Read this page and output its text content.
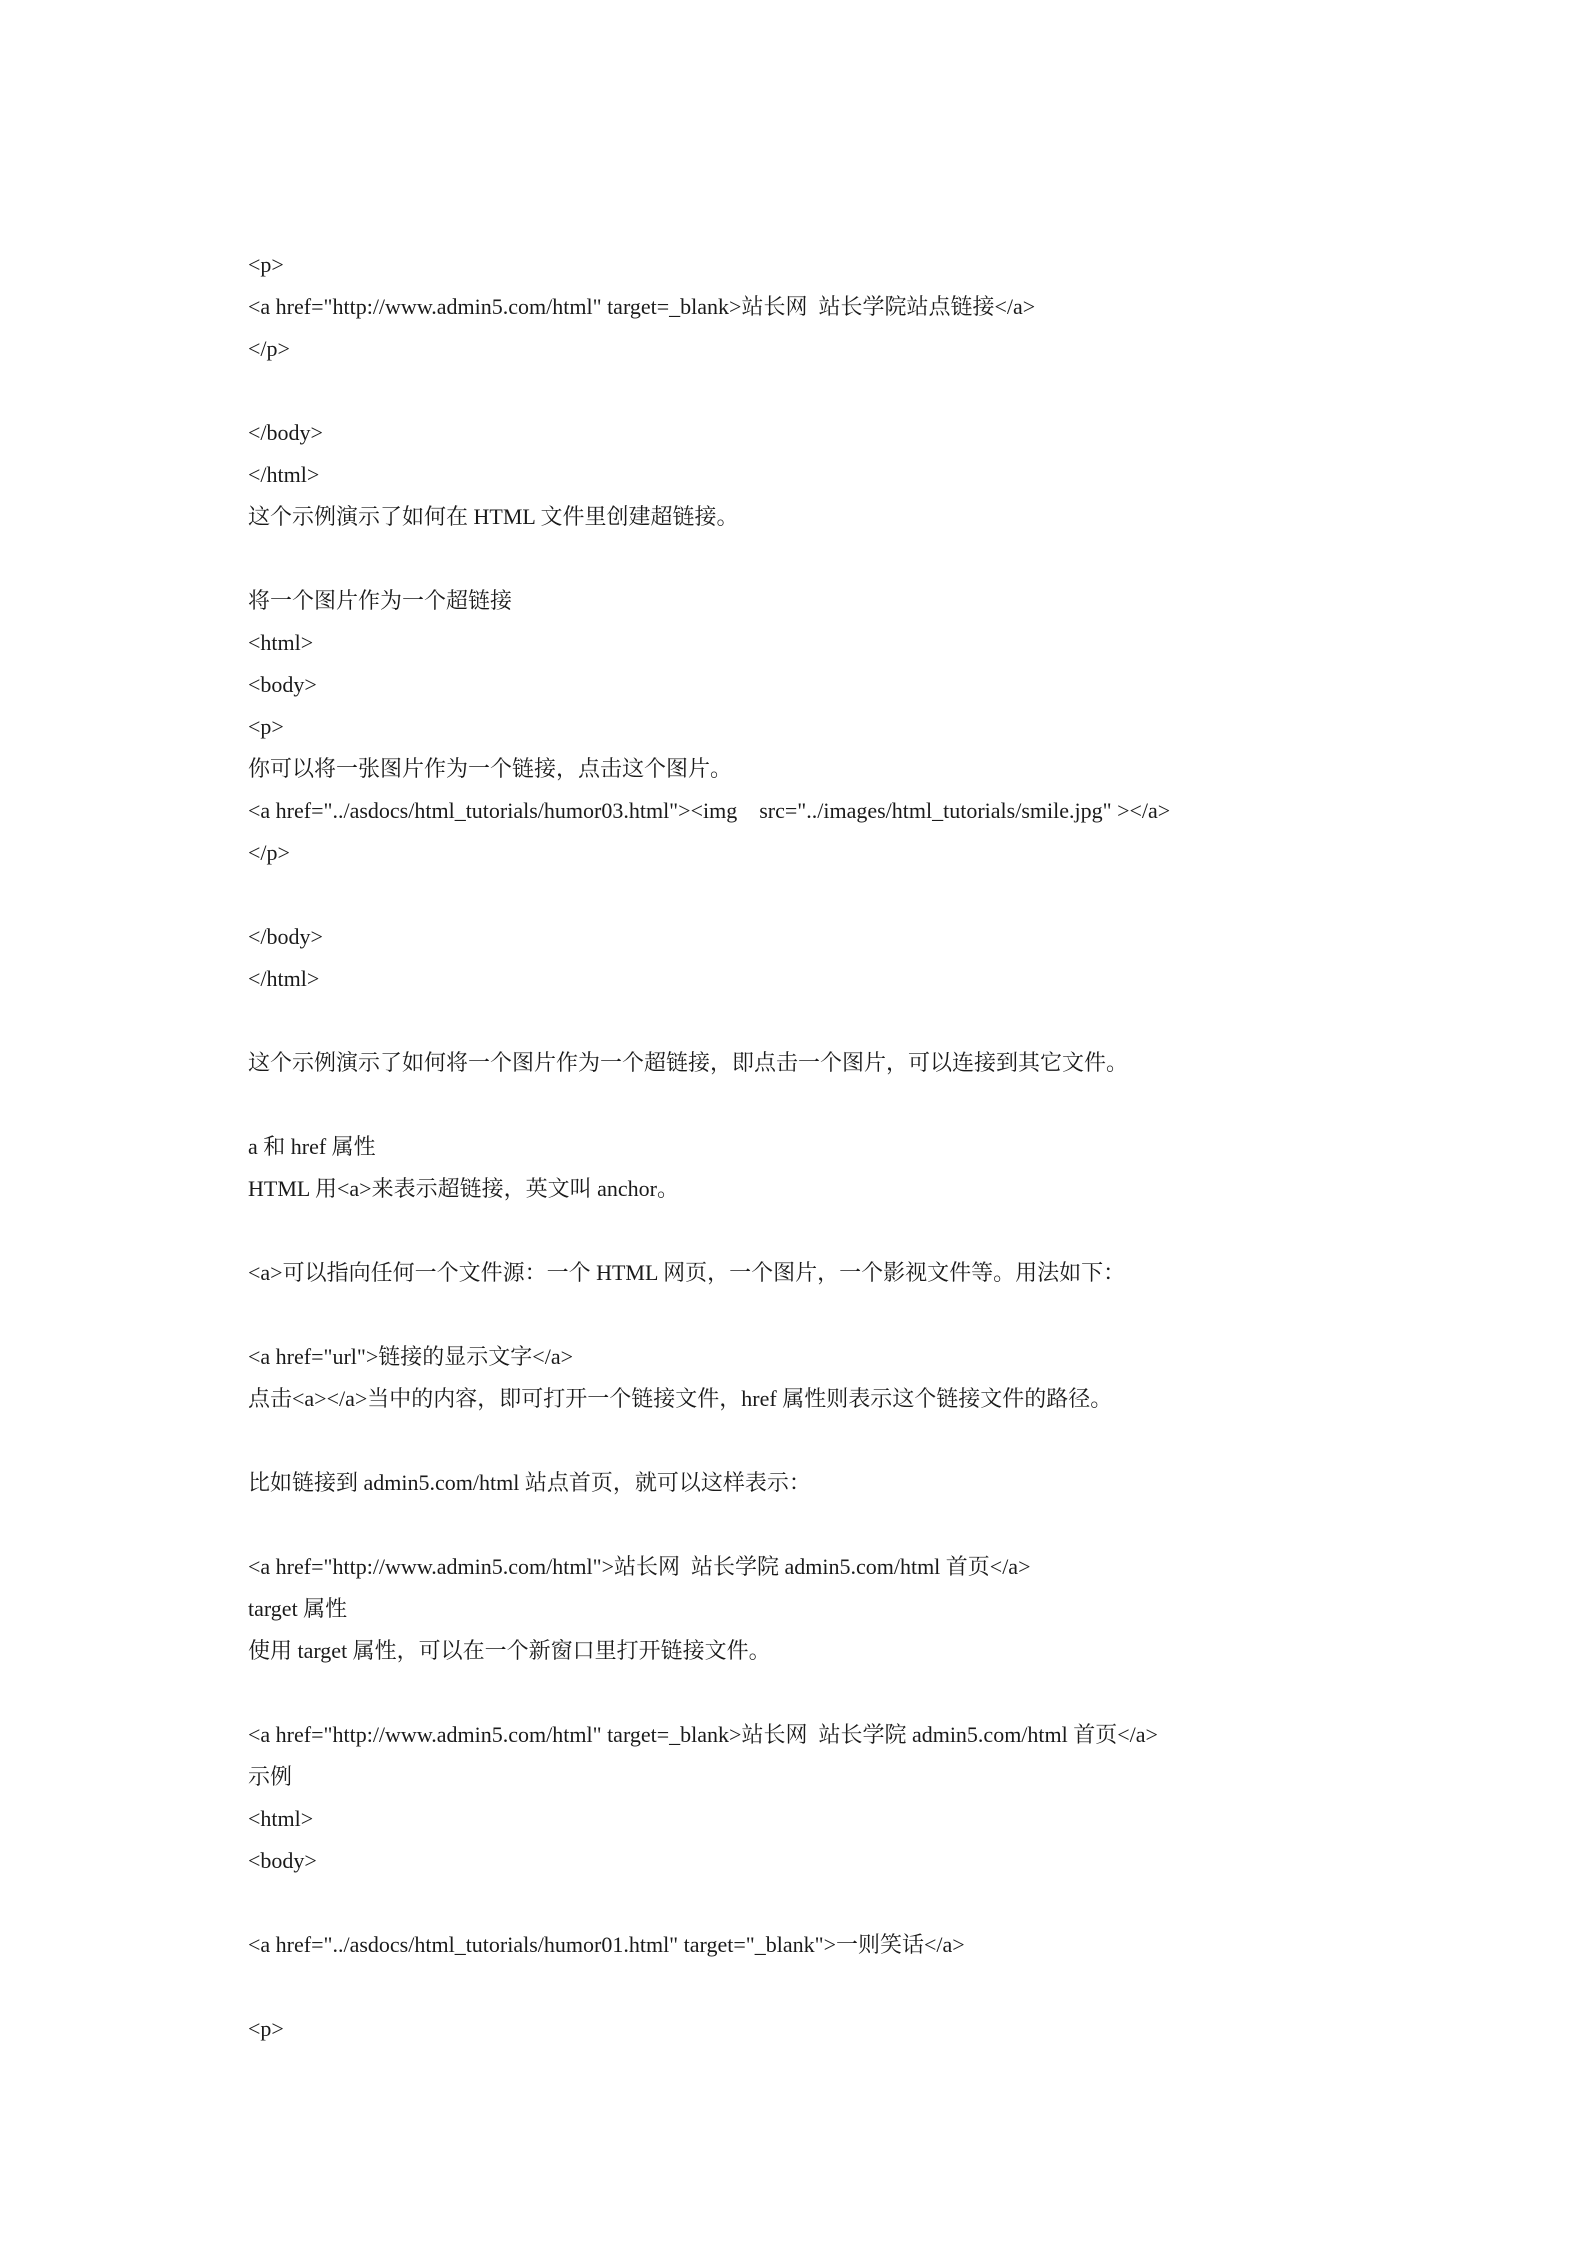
<p>
<a href="http://www.admin5.com/html" target=_blank>站长网  站长学院站点链接</a>
</p>
</body>
</html>
这个示例演示了如何在 HTML 文件里创建超链接。
将一个图片作为一个超链接
<html>
<body>
<p>
你可以将一张图片作为一个链接，点击这个图片。
<a href="../asdocs/html_tutorials/humor03.html"><img    src="../images/html_tutorials/smile.jpg" ></a>
</p>
</body>
</html>
这个示例演示了如何将一个图片作为一个超链接，即点击一个图片，可以连接到其它文件。
a 和 href 属性
HTML 用<a>来表示超链接，英文叫 anchor。
<a>可以指向任何一个文件源：一个 HTML 网页，一个图片，一个影视文件等。用法如下：
<a href="url">链接的显示文字</a>
点击<a></a>当中的内容，即可打开一个链接文件，href 属性则表示这个链接文件的路径。
比如链接到 admin5.com/html 站点首页，就可以这样表示：
<a href="http://www.admin5.com/html">站长网  站长学院 admin5.com/html 首页</a>
target 属性
使用 target 属性，可以在一个新窗口里打开链接文件。
<a href="http://www.admin5.com/html" target=_blank>站长网  站长学院 admin5.com/html 首页</a>
示例
<html>
<body>
<a href="../asdocs/html_tutorials/humor01.html" target="_blank">一则笑话</a>
<p>
